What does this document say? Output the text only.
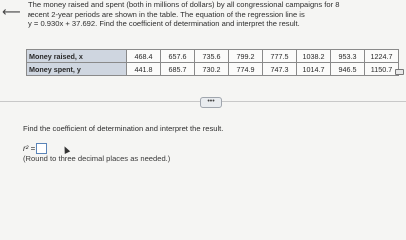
⟵
The money raised and spent (both in millions of dollars) by all congressional campaigns for 8
recent 2-year periods are shown in the table. The equation of the regression line is
^ y = 0.930x + 37.692. Find the coefficient of determination and interpret the result.
Money raised, x	468.4	657.6	735.6	799.2	777.5	1038.2	953.3	1224.7
Money spent, y	441.8	685.7	730.2	774.9	747.3	1014.7	946.5	1150.7
•••
Find the coefficient of determination and interpret the result.
r² =
(Round to three decimal places as needed.)
